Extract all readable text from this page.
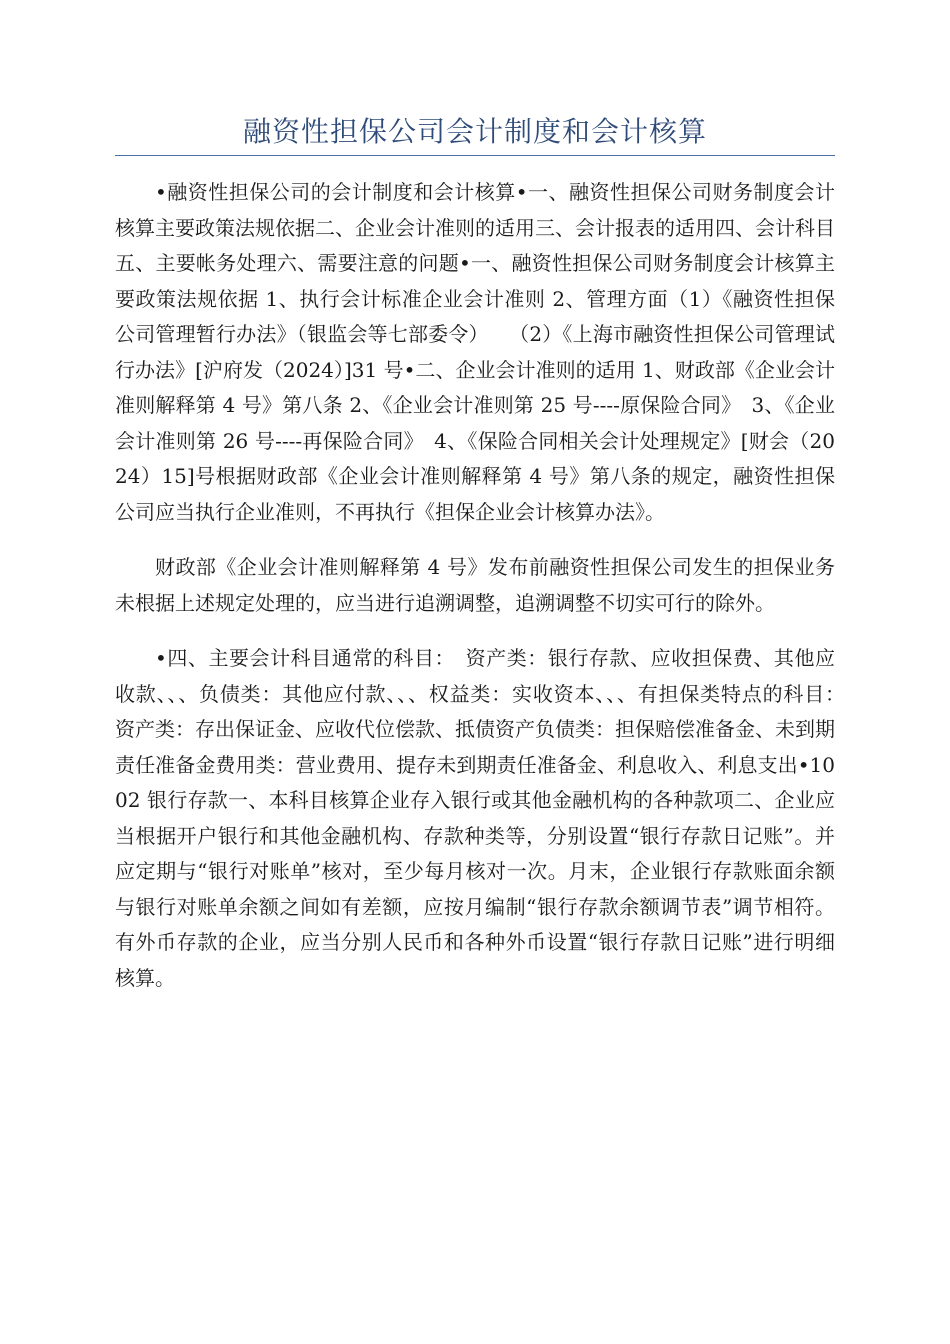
融资性担保公司会计制度和会计核算

•融资性担保公司的会计制度和会计核算•一、融资性担保公司财务制度会计核算主要政策法规依据二、企业会计准则的适用三、会计报表的适用四、会计科目五、主要帐务处理六、需要注意的问题•一、融资性担保公司财务制度会计核算主要政策法规依据 1、执行会计标准企业会计准则 2、管理方面（1）《融资性担保公司管理暂行办法》（银监会等七部委令）　　（2）《上海市融资性担保公司管理试行办法》[沪府发（2024）]31 号•二、企业会计准则的适用 1、财政部《企业会计准则解释第 4 号》第八条 2、《企业会计准则第 25 号----原保险合同》　3、《企业会计准则第 26 号----再保险合同》　4、《保险合同相关会计处理规定》[财会（2024）15]号根据财政部《企业会计准则解释第 4 号》第八条的规定，融资性担保公司应当执行企业准则，不再执行《担保企业会计核算办法》。

财政部《企业会计准则解释第 4 号》发布前融资性担保公司发生的担保业务未根据上述规定处理的，应当进行追溯调整，追溯调整不切实可行的除外。

•四、主要会计科目通常的科目：　资产类：银行存款、应收担保费、其他应收款、、、负债类：其他应付款、、、权益类：实收资本、、、有担保类特点的科目：　资产类：存出保证金、应收代位偿款、抵债资产负债类：担保赔偿准备金、未到期责任准备金费用类：营业费用、提存未到期责任准备金、利息收入、利息支出•1002 银行存款一、本科目核算企业存入银行或其他金融机构的各种款项二、企业应当根据开户银行和其他金融机构、存款种类等，分别设置“银行存款日记账”。并应定期与“银行对账单”核对，至少每月核对一次。月末，企业银行存款账面余额与银行对账单余额之间如有差额，应按月编制“银行存款余额调节表”调节相符。有外币存款的企业，应当分别人民币和各种外币设置“银行存款日记账”进行明细核算。
